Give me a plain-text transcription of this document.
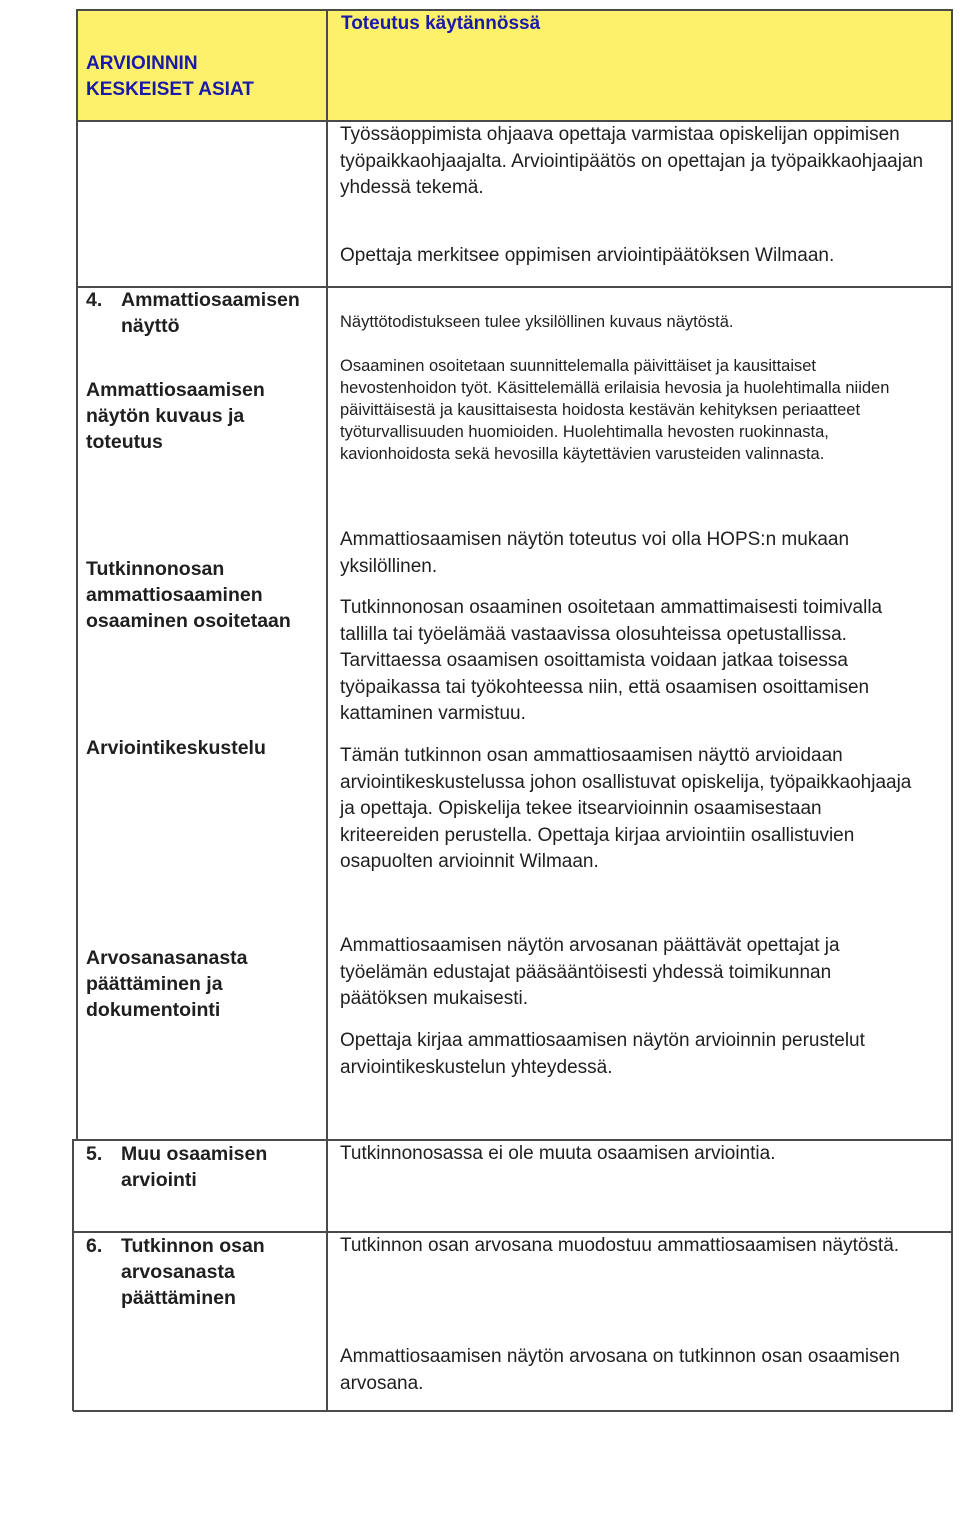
ARVIOINNIN
KESKEISET ASIAT
Toteutus käytännössä
Työssäoppimista ohjaava opettaja varmistaa opiskelijan oppimisen työpaikkaohjaajalta. Arviointipäätös on opettajan ja työpaikkaohjaajan yhdessä tekemä.
Opettaja merkitsee oppimisen arviointipäätöksen Wilmaan.
4. Ammattiosaamisen näyttö
Ammattiosaamisen näytön kuvaus ja toteutus
Näyttötodistukseen tulee yksilöllinen kuvaus näytöstä.
Osaaminen osoitetaan suunnittelemalla päivittäiset ja kausittaiset hevostenhoidon työt. Käsittelemällä erilaisia hevosia ja huolehtimalla niiden päivittäisestä ja kausittaisesta hoidosta kestävän kehityksen periaatteet työturvallisuuden huomioiden. Huolehtimalla hevosten ruokinnasta, kavionhoidosta sekä hevosilla käytettävien varusteiden valinnasta.
Tutkinnonosan ammattiosaaminen osaaminen osoitetaan
Ammattiosaamisen näytön toteutus voi olla HOPS:n mukaan yksilöllinen.
Tutkinnonosan osaaminen osoitetaan ammattimaisesti toimivalla tallilla tai työelämää vastaavissa olosuhteissa opetustallissa. Tarvittaessa osaamisen osoittamista voidaan jatkaa toisessa työpaikassa tai työkohteessa niin, että osaamisen osoittamisen kattaminen varmistuu.
Arviointikeskustelu	Tämän tutkinnon osan ammattiosaamisen näyttö arvioidaan arviointikeskustelussa johon osallistuvat opiskelija, työpaikkaohjaaja ja opettaja. Opiskelija tekee itsearvioinnin osaamisestaan kriteereiden perustella. Opettaja kirjaa arviointiin osallistuvien osapuolten arvioinnit Wilmaan.
Arvosanasanasta päättäminen ja dokumentointi
Ammattiosaamisen näytön arvosanan päättävät opettajat ja työelämän edustajat pääsääntöisesti yhdessä toimikunnan päätöksen mukaisesti.
Opettaja kirjaa ammattiosaamisen näytön arvioinnin perustelut arviointikeskustelun yhteydessä.
5. Muu osaamisen arviointi
Tutkinnonosassa ei ole muuta osaamisen arviointia.
6. Tutkinnon osan arvosanasta päättäminen
Tutkinnon osan arvosana muodostuu ammattiosaamisen näytöstä.
Ammattiosaamisen näytön arvosana on tutkinnon osan osaamisen arvosana.
